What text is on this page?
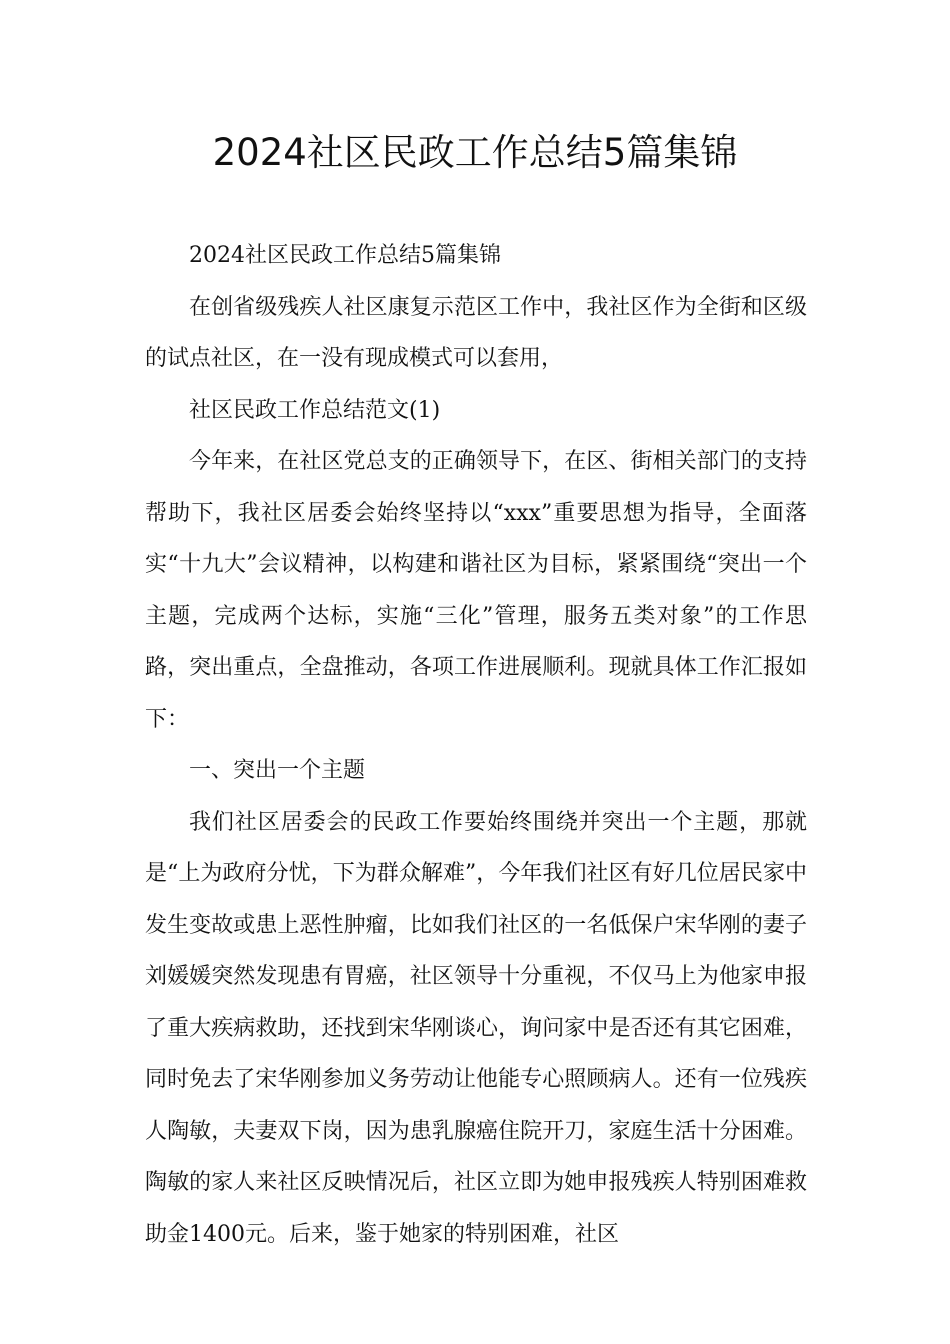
2024社区民政工作总结5篇集锦

2024社区民政工作总结5篇集锦

在创省级残疾人社区康复示范区工作中，我社区作为全街和区级的试点社区，在一没有现成模式可以套用，

社区民政工作总结范文(1)

今年来，在社区党总支的正确领导下，在区、街相关部门的支持帮助下，我社区居委会始终坚持以“xxx”重要思想为指导，全面落实“十九大”会议精神，以构建和谐社区为目标，紧紧围绕“突出一个主题，完成两个达标，实施“三化”管理，服务五类对象”的工作思路，突出重点，全盘推动，各项工作进展顺利。现就具体工作汇报如下：

一、突出一个主题

我们社区居委会的民政工作要始终围绕并突出一个主题，那就是“上为政府分忧，下为群众解难”，今年我们社区有好几位居民家中发生变故或患上恶性肿瘤，比如我们社区的一名低保户宋华刚的妻子刘媛媛突然发现患有胃癌，社区领导十分重视，不仅马上为他家申报了重大疾病救助，还找到宋华刚谈心，询问家中是否还有其它困难，同时免去了宋华刚参加义务劳动让他能专心照顾病人。还有一位残疾人陶敏，夫妻双下岗，因为患乳腺癌住院开刀，家庭生活十分困难。陶敏的家人来社区反映情况后，社区立即为她申报残疾人特别困难救助金1400元。后来，鉴于她家的特别困难，社区
